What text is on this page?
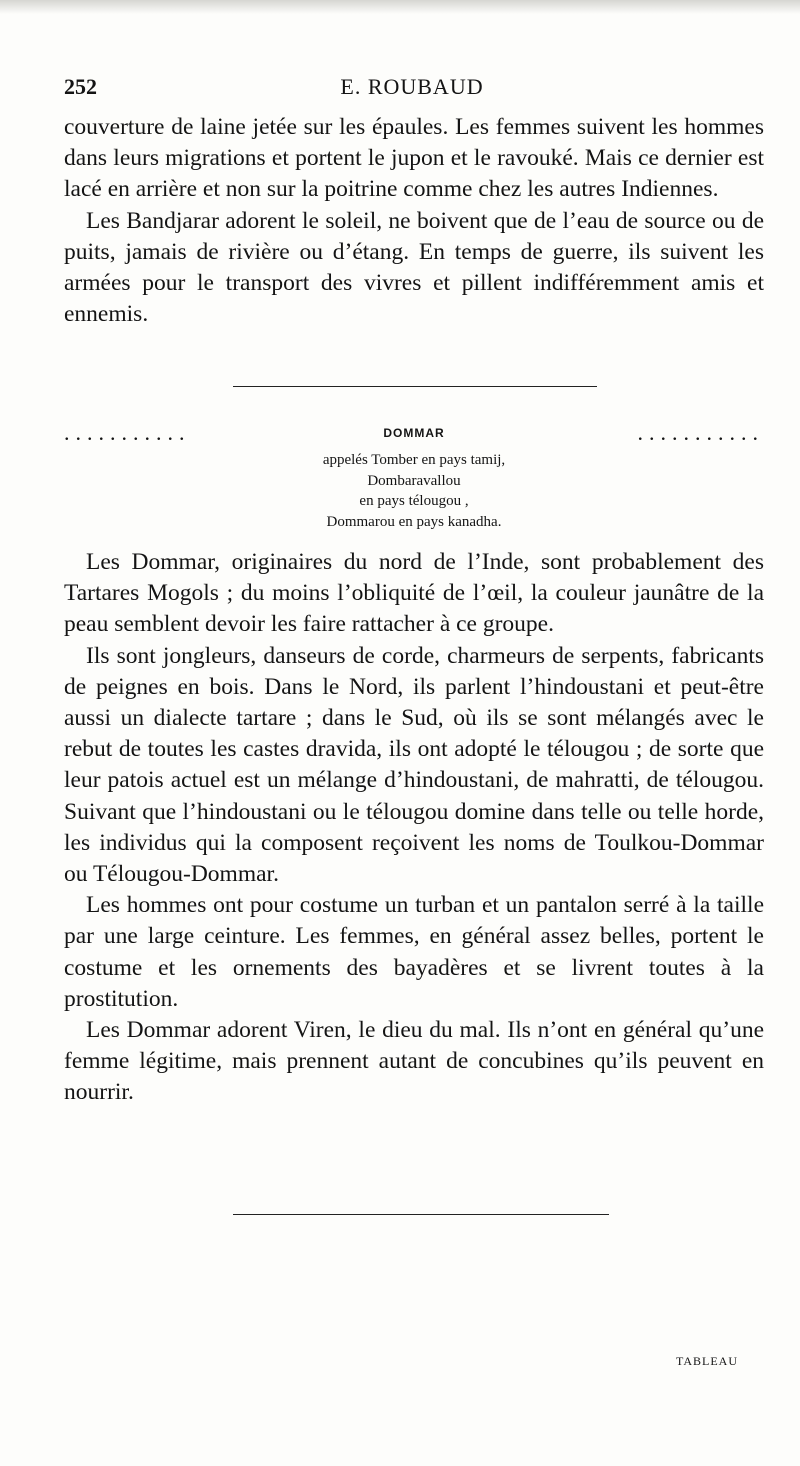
252	E. ROUBAUD

couverture de laine jetée sur les épaules. Les femmes suivent les hommes dans leurs migrations et portent le jupon et le ravouké. Mais ce dernier est lacé en arrière et non sur la poitrine comme chez les autres Indiennes.

Les Bandjarar adorent le soleil, ne boivent que de l’eau de source ou de puits, jamais de rivière ou d’étang. En temps de guerre, ils suivent les armées pour le transport des vivres et pillent indifféremment amis et ennemis.

...........	DOMMAR	...........
appelés Tomber en pays tamij,
Dombaravallou
en pays télougou ,
Dommarou en pays kanadha.

Les Dommar, originaires du nord de l’Inde, sont probablement des Tartares Mogols ; du moins l’obliquité de l’œil, la couleur jaunâtre de la peau semblent devoir les faire rattacher à ce groupe.

Ils sont jongleurs, danseurs de corde, charmeurs de serpents, fabricants de peignes en bois. Dans le Nord, ils parlent l’hindoustani et peut-être aussi un dialecte tartare ; dans le Sud, où ils se sont mélangés avec le rebut de toutes les castes dravida, ils ont adopté le télougou ; de sorte que leur patois actuel est un mélange d’hindoustani, de mahratti, de télougou. Suivant que l’hindoustani ou le télougou domine dans telle ou telle horde, les individus qui la composent reçoivent les noms de Toulkou-Dommar ou Télougou-Dommar.

Les hommes ont pour costume un turban et un pantalon serré à la taille par une large ceinture. Les femmes, en général assez belles, portent le costume et les ornements des bayadères et se livrent toutes à la prostitution.

Les Dommar adorent Viren, le dieu du mal. Ils n’ont en général qu’une femme légitime, mais prennent autant de concubines qu’ils peuvent en nourrir.

TABLEAU
